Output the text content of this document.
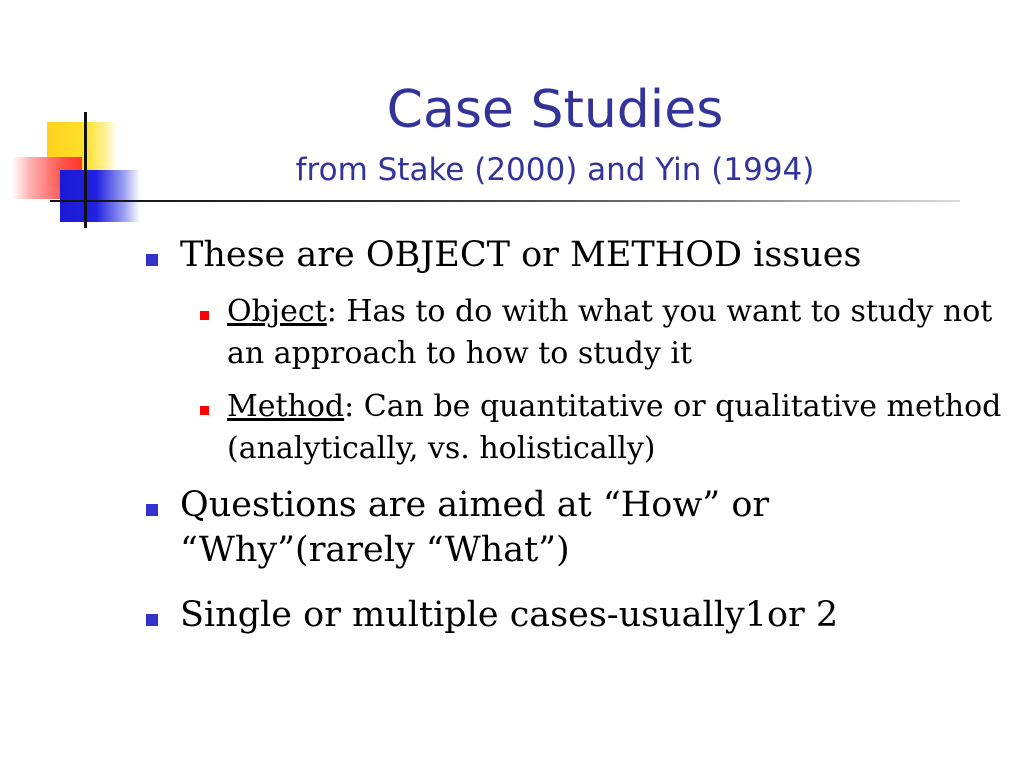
Case Studies
from Stake (2000) and Yin (1994)
These are OBJECT or METHOD issues
Object: Has to do with what you want to study not an approach to how to study it
Method: Can be quantitative or qualitative method (analytically, vs. holistically)
Questions are aimed at “How” or “Why”(rarely “What”)
Single or multiple cases-usually1or 2
